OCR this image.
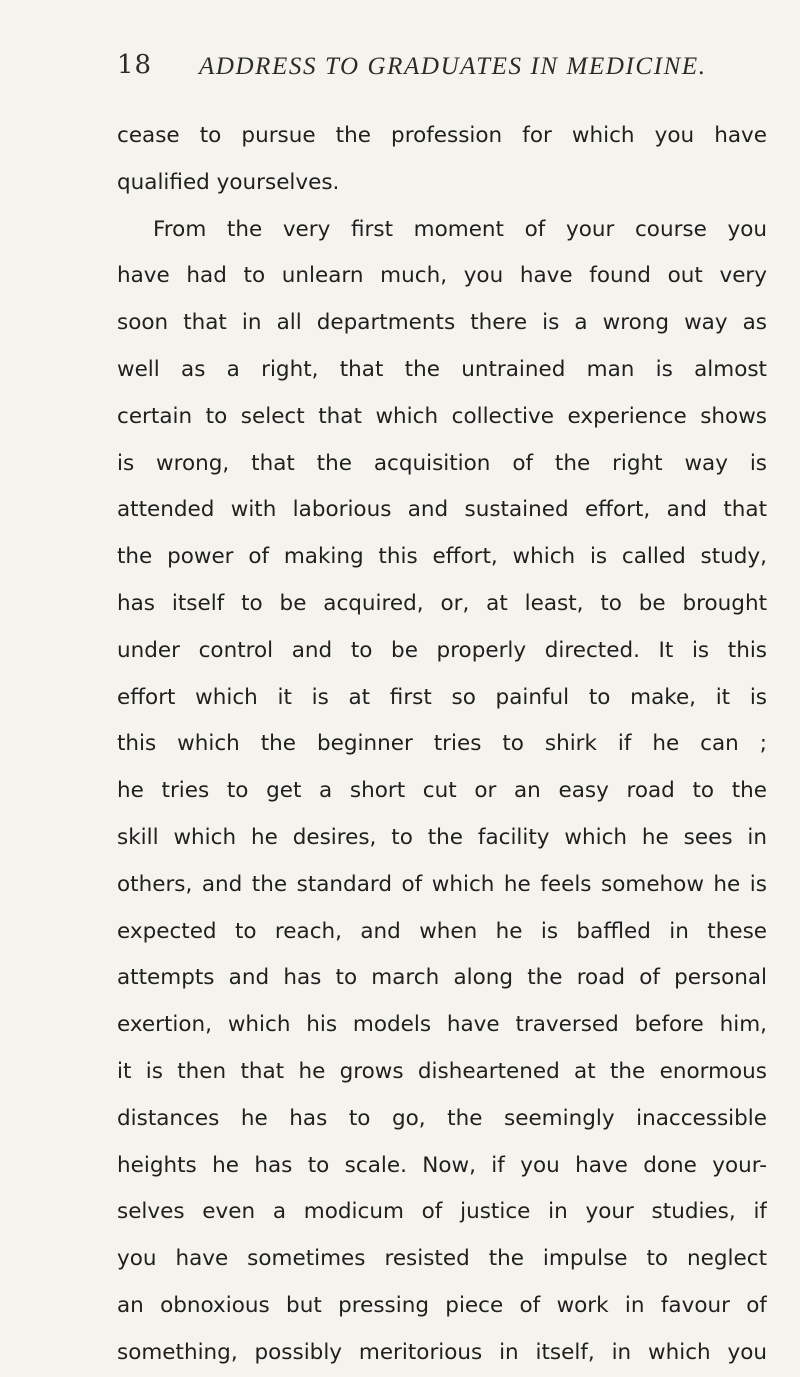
18 ADDRESS TO GRADUATES IN MEDICINE.
cease to pursue the profession for which you have
qualified yourselves.
From the very first moment of your course you
have had to unlearn much, you have found out very
soon that in all departments there is a wrong way as
well as a right, that the untrained man is almost
certain to select that which collective experience shows
is wrong, that the acquisition of the right way is
attended with laborious and sustained effort, and that
the power of making this effort, which is called study,
has itself to be acquired, or, at least, to be brought
under control and to be properly directed. It is this
effort which it is at first so painful to make, it is
this which the beginner tries to shirk if he can ;
he tries to get a short cut or an easy road to the
skill which he desires, to the facility which he sees in
others, and the standard of which he feels somehow he is
expected to reach, and when he is baffled in these
attempts and has to march along the road of personal
exertion, which his models have traversed before him,
it is then that he grows disheartened at the enormous
distances he has to go, the seemingly inaccessible
heights he has to scale. Now, if you have done your-
selves even a modicum of justice in your studies, if
you have sometimes resisted the impulse to neglect
an obnoxious but pressing piece of work in favour of
something, possibly meritorious in itself, in which you
